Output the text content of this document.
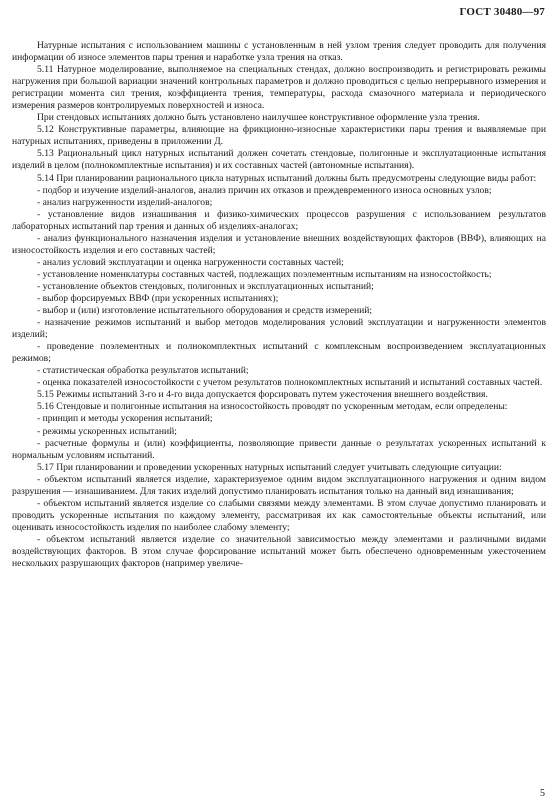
ГОСТ 30480—97

Натурные испытания с использованием машины с установленным в ней узлом трения следует проводить для получения информации об износе элементов пары трения и наработке узла трения на отказ.

5.11 Натурное моделирование, выполняемое на специальных стендах, должно воспроизводить и регистрировать режимы нагружения при большой вариации значений контрольных параметров и должно проводиться с целью непрерывного измерения и регистрации момента сил трения, коэффициента трения, температуры, расхода смазочного материала и периодического измерения размеров контролируемых поверхностей и износа.

При стендовых испытаниях должно быть установлено наилучшее конструктивное оформление узла трения.

5.12 Конструктивные параметры, влияющие на фрикционно-износные характеристики пары трения и выявляемые при натурных испытаниях, приведены в приложении Д.

5.13 Рациональный цикл натурных испытаний должен сочетать стендовые, полигонные и эксплуатационные испытания изделий в целом (полнокомплектные испытания) и их составных частей (автономные испытания).

5.14 При планировании рационального цикла натурных испытаний должны быть предусмотрены следующие виды работ:

- подбор и изучение изделий-аналогов, анализ причин их отказов и преждевременного износа основных узлов;

- анализ нагруженности изделий-аналогов;

- установление видов изнашивания и физико-химических процессов разрушения с использованием результатов лабораторных испытаний пар трения и данных об изделиях-аналогах;

- анализ функционального назначения изделия и установление внешних воздействующих факторов (ВВФ), влияющих на износостойкость изделия и его составных частей;

- анализ условий эксплуатации и оценка нагруженности составных частей;

- установление номенклатуры составных частей, подлежащих поэлементным испытаниям на износостойкость;

- установление объектов стендовых, полигонных и эксплуатационных испытаний;

- выбор форсируемых ВВФ (при ускоренных испытаниях);

- выбор и (или) изготовление испытательного оборудования и средств измерений;

- назначение режимов испытаний и выбор методов моделирования условий эксплуатации и нагруженности элементов изделий;

- проведение поэлементных и полнокомплектных испытаний с комплексным воспроизведением эксплуатационных режимов;

- статистическая обработка результатов испытаний;

- оценка показателей износостойкости с учетом результатов полнокомплектных испытаний и испытаний составных частей.

5.15 Режимы испытаний 3-го и 4-го вида допускается форсировать путем ужесточения внешнего воздействия.

5.16 Стендовые и полигонные испытания на износостойкость проводят по ускоренным методам, если определены:

- принцип и методы ускорения испытаний;

- режимы ускоренных испытаний;

- расчетные формулы и (или) коэффициенты, позволяющие привести данные о результатах ускоренных испытаний к нормальным условиям испытаний.

5.17 При планировании и проведении ускоренных натурных испытаний следует учитывать следующие ситуации:

- объектом испытаний является изделие, характеризуемое одним видом эксплуатационного нагружения и одним видом разрушения — изнашиванием. Для таких изделий допустимо планировать испытания только на данный вид изнашивания;

- объектом испытаний является изделие со слабыми связями между элементами. В этом случае допустимо планировать и проводить ускоренные испытания по каждому элементу, рассматривая их как самостоятельные объекты испытаний, или оценивать износостойкость изделия по наиболее слабому элементу;

- объектом испытаний является изделие со значительной зависимостью между элементами и различными видами воздействующих факторов. В этом случае форсирование испытаний может быть обеспечено одновременным ужесточением нескольких разрушающих факторов (например увеличе-

5
